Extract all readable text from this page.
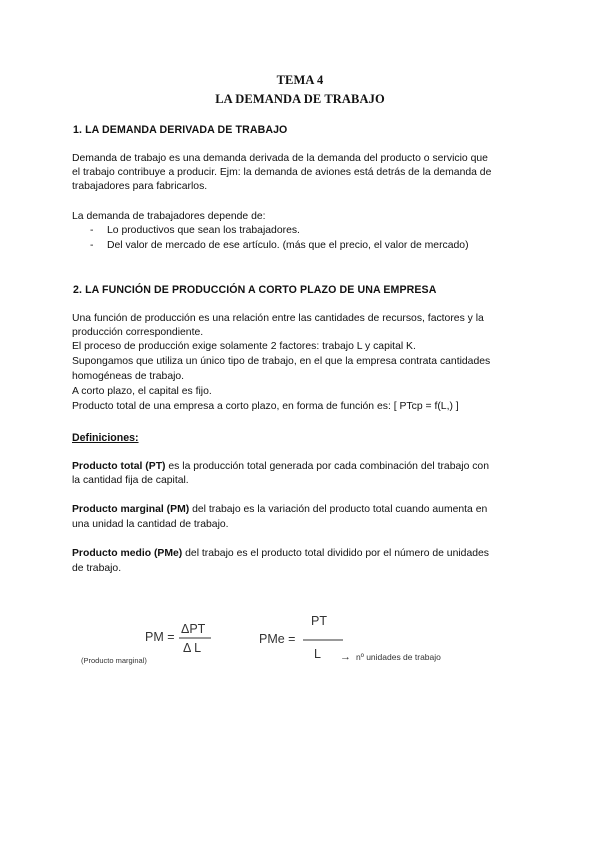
TEMA 4
LA DEMANDA DE TRABAJO
1. LA DEMANDA DERIVADA DE TRABAJO
Demanda de trabajo es una demanda derivada de la demanda del producto o servicio que
el trabajo contribuye a producir. Ejm: la demanda de aviones está detrás de la demanda de
trabajadores para fabricarlos.
La demanda de trabajadores depende de:
- Lo productivos que sean los trabajadores.
- Del valor de mercado de ese artículo. (más que el precio, el valor de mercado)
2. LA FUNCIÓN DE PRODUCCIÓN A CORTO PLAZO DE UNA EMPRESA
Una función de producción es una relación entre las cantidades de recursos, factores y la
producción correspondiente.
El proceso de producción exige solamente 2 factores: trabajo L y capital K.
Supongamos que utiliza un único tipo de trabajo, en el que la empresa contrata cantidades
homogéneas de trabajo.
A corto plazo, el capital es fijo.
Producto total de una empresa a corto plazo, en forma de función es: [ PTcp = f(L,) ]
Definiciones:
Producto total (PT) es la producción total generada por cada combinación del trabajo con
la cantidad fija de capital.
Producto marginal (PM) del trabajo es la variación del producto total cuando aumenta en
una unidad la cantidad de trabajo.
Producto medio (PMe) del trabajo es el producto total dividido por el número de unidades
de trabajo.
PM =
ΔPT
Δ L
(Producto marginal)
PMe =
PT
L → nº unidades de trabajo
